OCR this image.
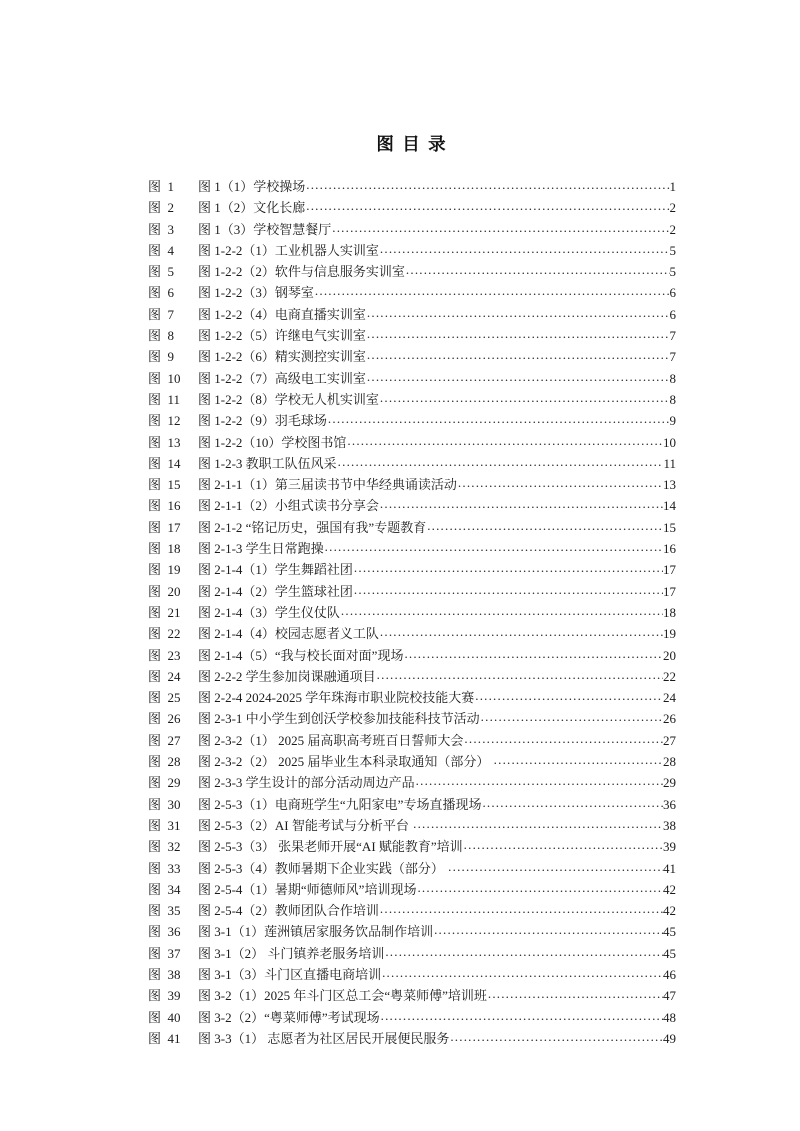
图 目 录
图  1	图 1（1）学校操场 .....	1
图  2	图 1（2）文化长廊 .....	2
图  3	图 1（3）学校智慧餐厅 .....	2
图  4	图 1-2-2（1）工业机器人实训室 .....	5
图  5	图 1-2-2（2）软件与信息服务实训室 .....	5
图  6	图 1-2-2（3）钢琴室 .....	6
图  7	图 1-2-2（4）电商直播实训室 .....	6
图  8	图 1-2-2（5）许继电气实训室 .....	7
图  9	图 1-2-2（6）精实测控实训室 .....	7
图  10	图 1-2-2（7）高级电工实训室 .....	8
图  11	图 1-2-2（8）学校无人机实训室 .....	8
图  12	图 1-2-2（9）羽毛球场 .....	9
图  13	图 1-2-2（10）学校图书馆 .....	10
图  14	图 1-2-3 教职工队伍风采 .....	11
图  15	图 2-1-1（1）第三届读书节中华经典诵读活动 .....	13
图  16	图 2-1-1（2）小组式读书分享会 .....	14
图  17	图 2-1-2 “铭记历史，强国有我”专题教育 .....	15
图  18	图 2-1-3 学生日常跑操 .....	16
图  19	图 2-1-4（1）学生舞蹈社团 .....	17
图  20	图 2-1-4（2）学生篮球社团 .....	17
图  21	图 2-1-4（3）学生仪仗队 .....	18
图  22	图 2-1-4（4）校园志愿者义工队 .....	19
图  23	图 2-1-4（5）“我与校长面对面”现场 .....	20
图  24	图 2-2-2 学生参加岗课融通项目 .....	22
图  25	图 2-2-4 2024-2025 学年珠海市职业院校技能大赛 .....	24
图  26	图 2-3-1 中小学生到创沃学校参加技能科技节活动 .....	26
图  27	图 2-3-2（1） 2025 届高职高考班百日誓师大会 .....	27
图  28	图 2-3-2（2） 2025 届毕业生本科录取通知（部分） .....	28
图  29	图 2-3-3 学生设计的部分活动周边产品 .....	29
图  30	图 2-5-3（1）电商班学生“九阳家电”专场直播现场 .....	36
图  31	图 2-5-3（2）AI 智能考试与分析平台 .....	38
图  32	图 2-5-3（3） 张果老师开展“AI 赋能教育”培训 .....	39
图  33	图 2-5-3（4）教师暑期下企业实践（部分） .....	41
图  34	图 2-5-4（1）暑期“师德师风”培训现场 .....	42
图  35	图 2-5-4（2）教师团队合作培训 .....	42
图  36	图 3-1（1）莲洲镇居家服务饮品制作培训 .....	45
图  37	图 3-1（2） 斗门镇养老服务培训 .....	45
图  38	图 3-1（3）斗门区直播电商培训 .....	46
图  39	图 3-2（1）2025 年斗门区总工会“粤菜师傅”培训班 .....	47
图  40	图 3-2（2）“粤菜师傅”考试现场 .....	48
图  41	图 3-3（1） 志愿者为社区居民开展便民服务 .....	49
